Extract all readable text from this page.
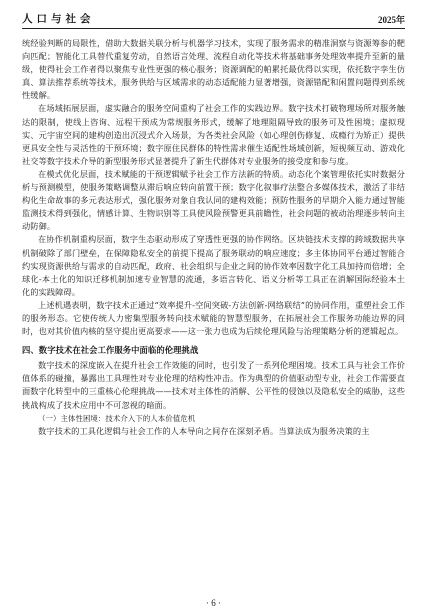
人口与社会	2025年

统经验判断的局限性，借助大数据关联分析与机器学习技术，实现了服务需求的精准洞察与资源筹参的靶向匹配；智能化工具替代重复劳动，自然语言处理、流程自动化等技术将基础事务处理效率提升至新的量级，使得社会工作者得以聚焦专业性更强的核心服务；资源调配的帕累托最优得以实现，依托数字孪生仿真、算法推荐系统等技术，服务供给与区域需求的动态适配能力显著增强，资源错配和闲置问题得到系统性缓解。

在场域拓展层面，虚实融合的服务空间重构了社会工作的实践边界。数字技术打破物理场所对服务触达的限制，使线上咨询、远程干预成为常规服务形式，缓解了地理阻隔导致的服务可及性困境；虚拟现实、元宇宙空间的建构创造出沉浸式介入场景，为各类社会风险（如心理创伤修复、成瘾行为矫正）提供更具安全性与灵活性的干预环境；数字原住民群体的特性需求催生适配性场域创新，短视频互动、游戏化社交等数字技术介导的新型服务形式显著提升了新生代群体对专业服务的接受度和参与度。

在模式优化层面，技术赋能的干预逻辑赋予社会工作方法新的特质。动态化个案管理依托实时数据分析与预测模型，使服务策略调整从滞后响应转向前置干预；数字化叙事疗法整合多媒体技术，激活了非结构化生命故事的多元表达形式，强化服务对象自我认同的建构效能；预防性服务的早期介入能力通过智能监测技术得到强化，情感计算、生物识别等工具使风险预警更具前瞻性，社会问题的被动治理逐步转向主动防御。

在协作机制重构层面，数字生态驱动形成了穿透性更强的协作网络。区块链技术支撑的跨域数据共享机制破除了部门壁垒，在保障隐私安全的前提下提高了服务联动的响应速度；多主体协同平台通过智能合约实现资源供给与需求的自动匹配，政府、社会组织与企业之间的协作效率因数字化工具加持而倍增；全球化-本土化的知识迁移机制加速专业智慧的流通，多语言转化、语义分析等工具正在消解国际经验本土化的实践障碍。

上述机遇表明，数字技术正通过“效率提升-空间突破-方法创新-网络联结”的协同作用，重塑社会工作的服务形态。它使传统人力密集型服务转向技术赋能的智慧型服务，在拓展社会工作服务功能边界的同时，也对其价值内核的坚守提出更高要求——这一张力也成为后续伦理风险与治理策略分析的逻辑起点。

四、数字技术在社会工作服务中面临的伦理挑战

数字技术的深度嵌入在提升社会工作效能的同时，也引发了一系列伦理困境。技术工具与社会工作价值体系的碰撞，暴露出工具理性对专业伦理的结构性冲击。作为典型的价值驱动型专业，社会工作需要直面数字化转型中的三重核心伦理挑战——技术对主体性的消解、公平性的侵蚀以及隐私安全的威胁，这些挑战构成了技术应用中不可忽视的暗面。

（一）主体性困境：技术介入下的人本价值危机

数字技术的工具化逻辑与社会工作的人本导向之间存在深刻矛盾。当算法成为服务决策的主

· 6 ·
